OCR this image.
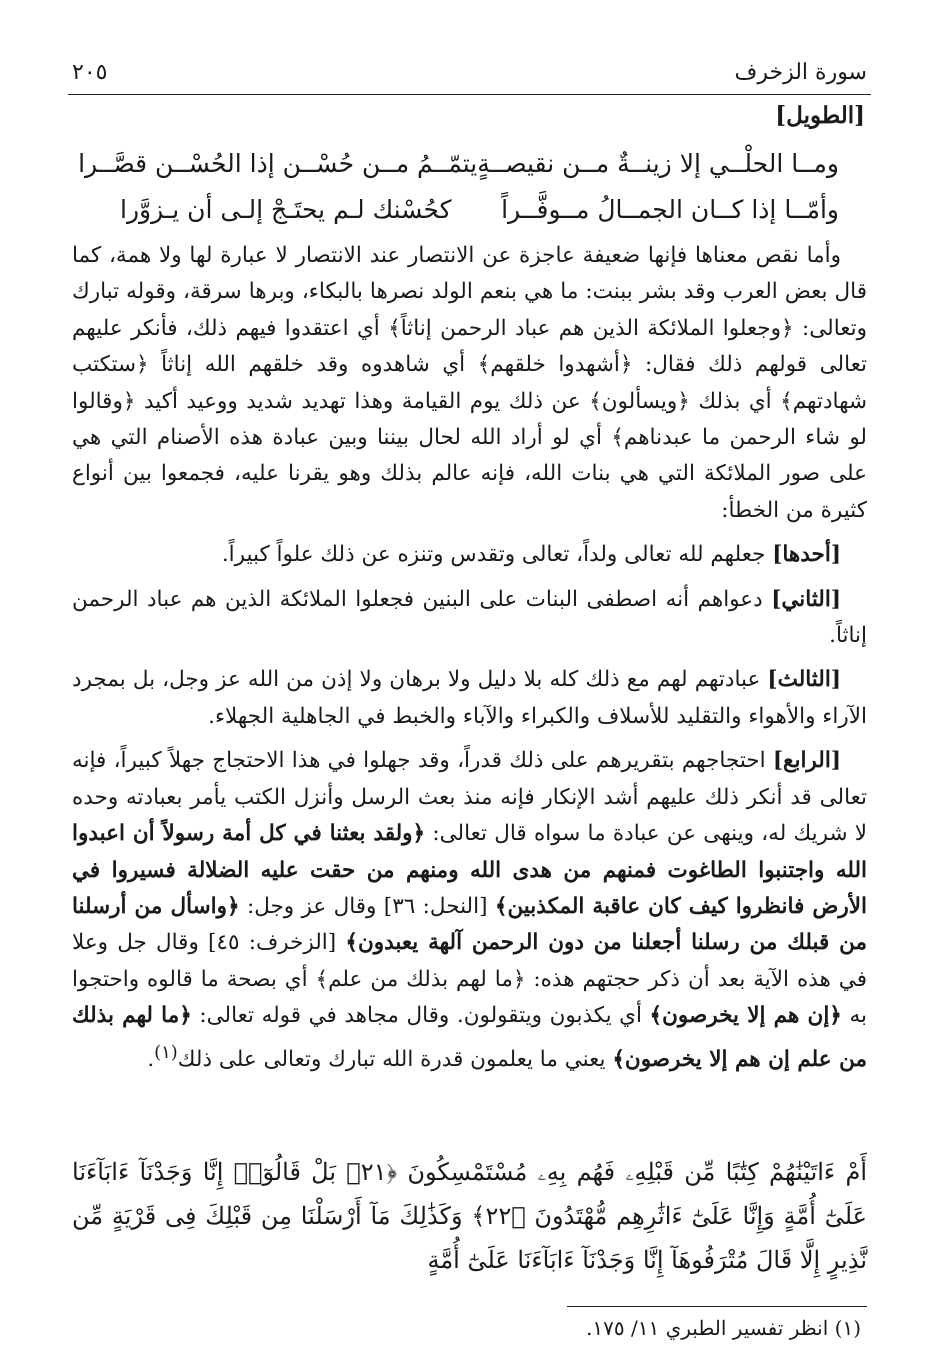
سورة الزخرف
٢٠٥
[الطويل]
ومــا الحلْــي إلا زينــةٌ مــن نقيصــةٍ
يتمّــمُ مــن حُسْــن إذا الحُسْــن قصَّــرا
وأمّــا إذا كــان الجمــالُ مــوفَّــراً
كحُسْنك لـم يحتَـجْ إلـى أن يـزوَّرا

وأما نقص معناها فإنها ضعيفة عاجزة عن الانتصار عند الانتصار لا عبارة لها ولا همة، كما قال بعض العرب وقد بشر ببنت: ما هي بنعم الولد نصرها بالبكاء، وبرها سرقة، وقوله تبارك وتعالى: ﴿وجعلوا الملائكة الذين هم عباد الرحمن إناثاً﴾ أي اعتقدوا فيهم ذلك، فأنكر عليهم تعالى قولهم ذلك فقال: ﴿أشهدوا خلقهم﴾ أي شاهدوه وقد خلقهم الله إناثاً ﴿ستكتب شهادتهم﴾ أي بذلك ﴿ويسألون﴾ عن ذلك يوم القيامة وهذا تهديد شديد ووعيد أكيد ﴿وقالوا لو شاء الرحمن ما عبدناهم﴾ أي لو أراد الله لحال بيننا وبين عبادة هذه الأصنام التي هي على صور الملائكة التي هي بنات الله، فإنه عالم بذلك وهو يقرنا عليه، فجمعوا بين أنواع كثيرة من الخطأ:

[أحدها] جعلهم لله تعالى ولداً، تعالى وتقدس وتنزه عن ذلك علواً كبيراً.

[الثاني] دعواهم أنه اصطفى البنات على البنين فجعلوا الملائكة الذين هم عباد الرحمن إناثاً.

[الثالث] عبادتهم لهم مع ذلك كله بلا دليل ولا برهان ولا إذن من الله عز وجل، بل بمجرد الآراء والأهواء والتقليد للأسلاف والكبراء والآباء والخبط في الجاهلية الجهلاء.

[الرابع] احتجاجهم بتقريرهم على ذلك قدراً، وقد جهلوا في هذا الاحتجاج جهلاً كبيراً، فإنه تعالى قد أنكر ذلك عليهم أشد الإنكار فإنه منذ بعث الرسل وأنزل الكتب يأمر بعبادته وحده لا شريك له، وينهى عن عبادة ما سواه قال تعالى: ﴿ولقد بعثنا في كل أمة رسولاً أن اعبدوا الله واجتنبوا الطاغوت فمنهم من هدى الله ومنهم من حقت عليه الضلالة فسيروا في الأرض فانظروا كيف كان عاقبة المكذبين﴾ [النحل: ٣٦] وقال عز وجل: ﴿واسأل من أرسلنا من قبلك من رسلنا أجعلنا من دون الرحمن آلهة يعبدون﴾ [الزخرف: ٤٥] وقال جل وعلا في هذه الآية بعد أن ذكر حجتهم هذه: ﴿ما لهم بذلك من علم﴾ أي بصحة ما قالوه واحتجوا به ﴿إن هم إلا يخرصون﴾ أي يكذبون ويتقولون. وقال مجاهد في قوله تعالى: ﴿ما لهم بذلك من علم إن هم إلا يخرصون﴾ يعني ما يعلمون قدرة الله تبارك وتعالى على ذلك$^{(١)}$.

أَمْ ءَاتَيْنَٰهُمْ كِتَٰبًا مِّن قَبْلِهِۦ فَهُم بِهِۦ مُسْتَمْسِكُونَ ﴿٢١﴾ بَلْ قَالُوٓا۟ إِنَّا وَجَدْنَآ ءَابَآءَنَا عَلَىٰٓ أُمَّةٍ وَإِنَّا عَلَىٰٓ ءَاثَٰرِهِم مُّهْتَدُونَ ﴿٢٢﴾ وَكَذَٰلِكَ مَآ أَرْسَلْنَا مِن قَبْلِكَ فِى قَرْيَةٍ مِّن نَّذِيرٍ إِلَّا قَالَ مُتْرَفُوهَآ إِنَّا وَجَدْنَآ ءَابَآءَنَا عَلَىٰٓ أُمَّةٍ

(١) انظر تفسير الطبري ١١/ ١٧٥.
